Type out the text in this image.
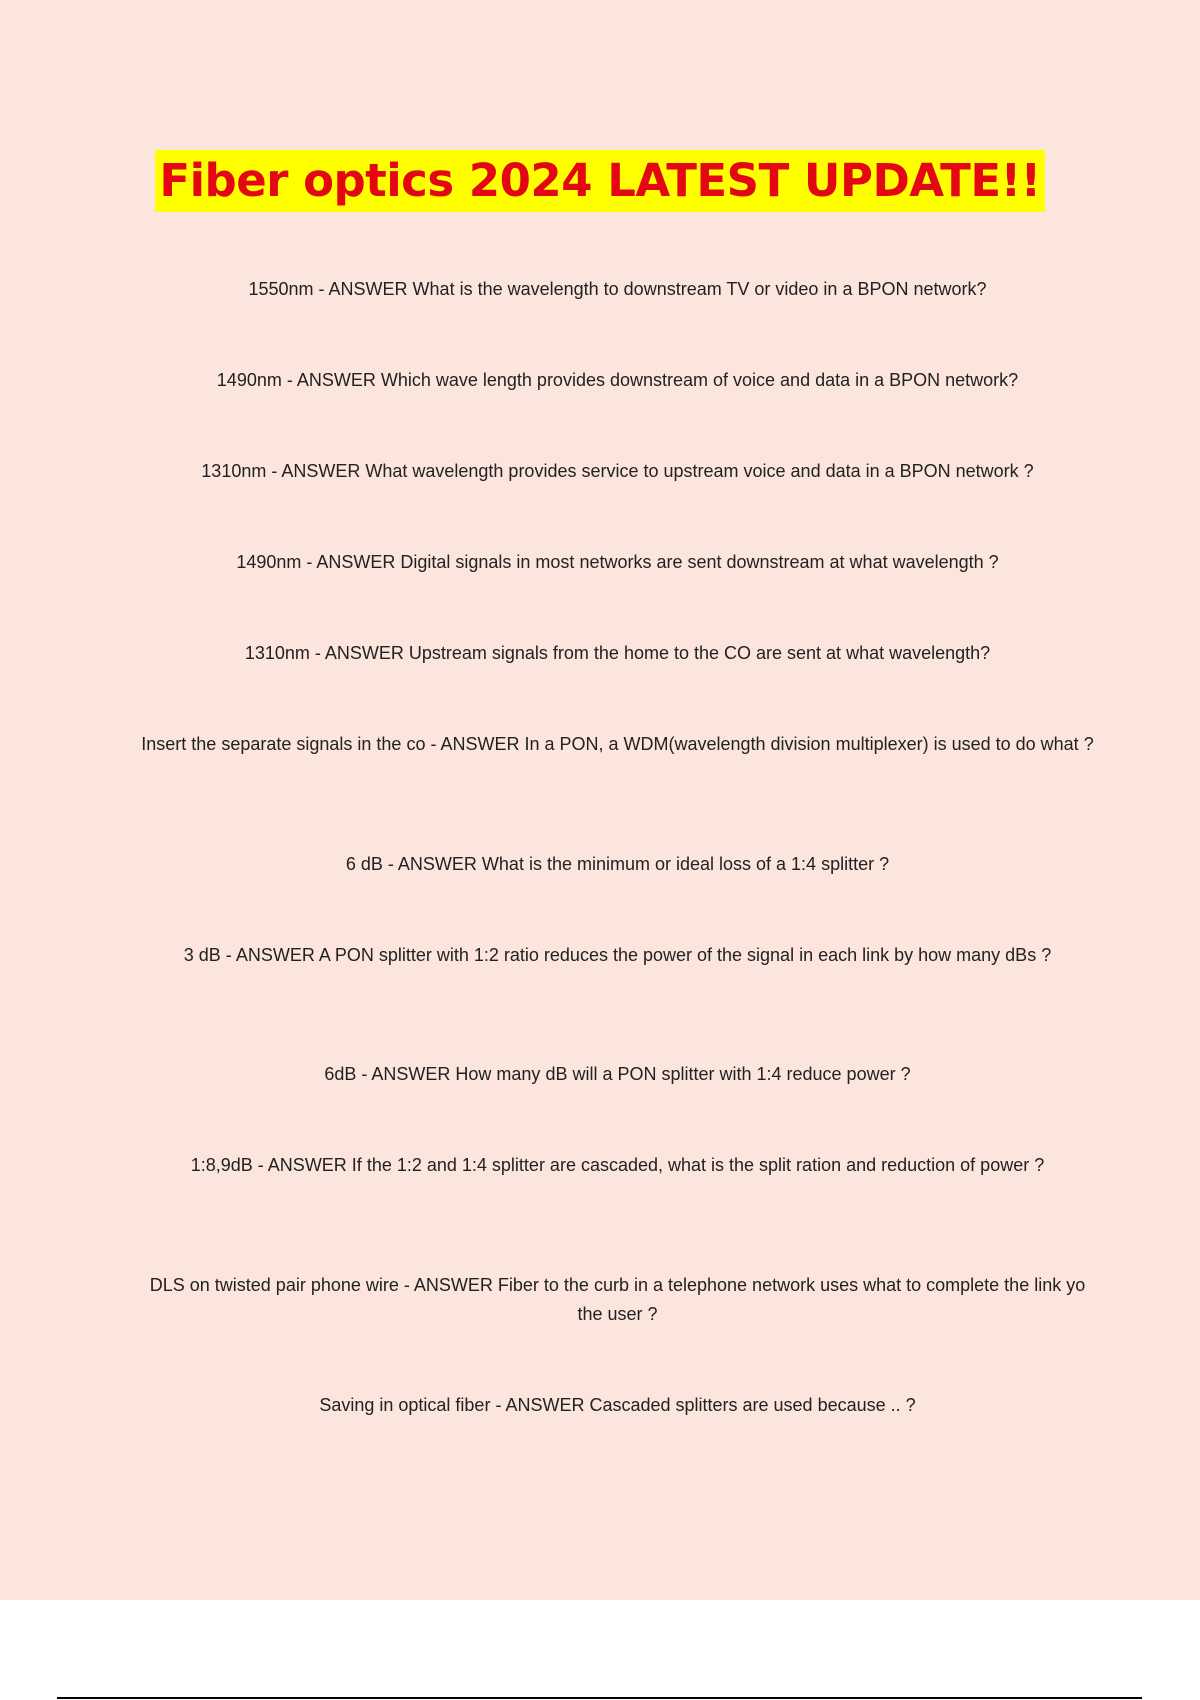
Fiber optics 2024 LATEST UPDATE!!
1550nm - ANSWER What is the wavelength to downstream TV or video in a BPON network?
1490nm - ANSWER Which wave length provides downstream of voice and data in a BPON network?
1310nm - ANSWER What wavelength provides service to upstream voice and data in a BPON network ?
1490nm - ANSWER Digital signals in most networks are sent downstream at what wavelength ?
1310nm - ANSWER Upstream signals from the home to the CO are sent at what wavelength?
Insert the separate signals in the co - ANSWER In a PON, a WDM(wavelength division multiplexer) is used to do what ?
6 dB - ANSWER What is the minimum or ideal loss of a 1:4 splitter ?
3 dB - ANSWER A PON splitter with 1:2 ratio reduces the power of the signal in each link by how many dBs ?
6dB - ANSWER How many dB will a PON splitter with 1:4 reduce power ?
1:8,9dB - ANSWER If the 1:2 and 1:4 splitter are cascaded, what is the split ration and reduction of power ?
DLS on twisted pair phone wire - ANSWER Fiber to the curb in a telephone network uses what to complete the link yo the user ?
Saving in optical fiber - ANSWER Cascaded splitters are used because .. ?
